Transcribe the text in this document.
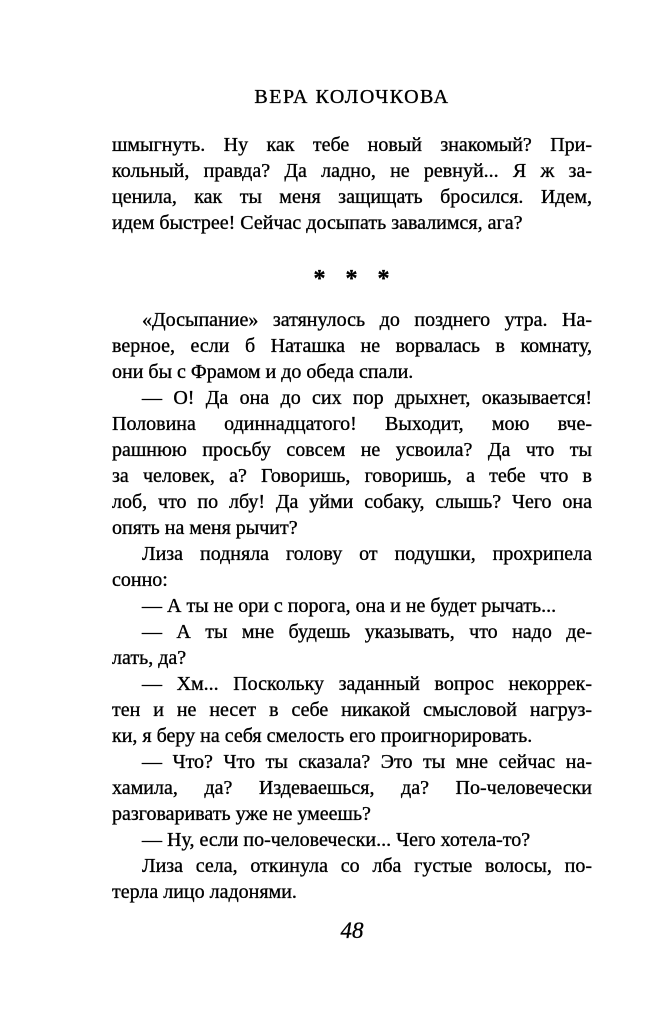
ВЕРА КОЛОЧКОВА
шмыгнуть. Ну как тебе новый знакомый? При-
кольный, правда? Да ладно, не ревнуй... Я ж за-
ценила, как ты меня защищать бросился. Идем,
идем быстрее! Сейчас досыпать завалимся, ага?
* * *
«Досыпание» затянулось до позднего утра. На-
верное, если б Наташка не ворвалась в комнату,
они бы с Фрамом и до обеда спали.
— О! Да она до сих пор дрыхнет, оказывается!
Половина одиннадцатого! Выходит, мою вче-
рашнюю просьбу совсем не усвоила? Да что ты
за человек, а? Говоришь, говоришь, а тебе что в
лоб, что по лбу! Да уйми собаку, слышь? Чего она
опять на меня рычит?
Лиза подняла голову от подушки, прохрипела
сонно:
— А ты не ори с порога, она и не будет рычать...
— А ты мне будешь указывать, что надо де-
лать, да?
— Хм... Поскольку заданный вопрос некоррек-
тен и не несет в себе никакой смысловой нагруз-
ки, я беру на себя смелость его проигнорировать.
— Что? Что ты сказала? Это ты мне сейчас на-
хамила, да? Издеваешься, да? По-человечески
разговаривать уже не умеешь?
— Ну, если по-человечески... Чего хотела-то?
Лиза села, откинула со лба густые волосы, по-
терла лицо ладонями.
48
